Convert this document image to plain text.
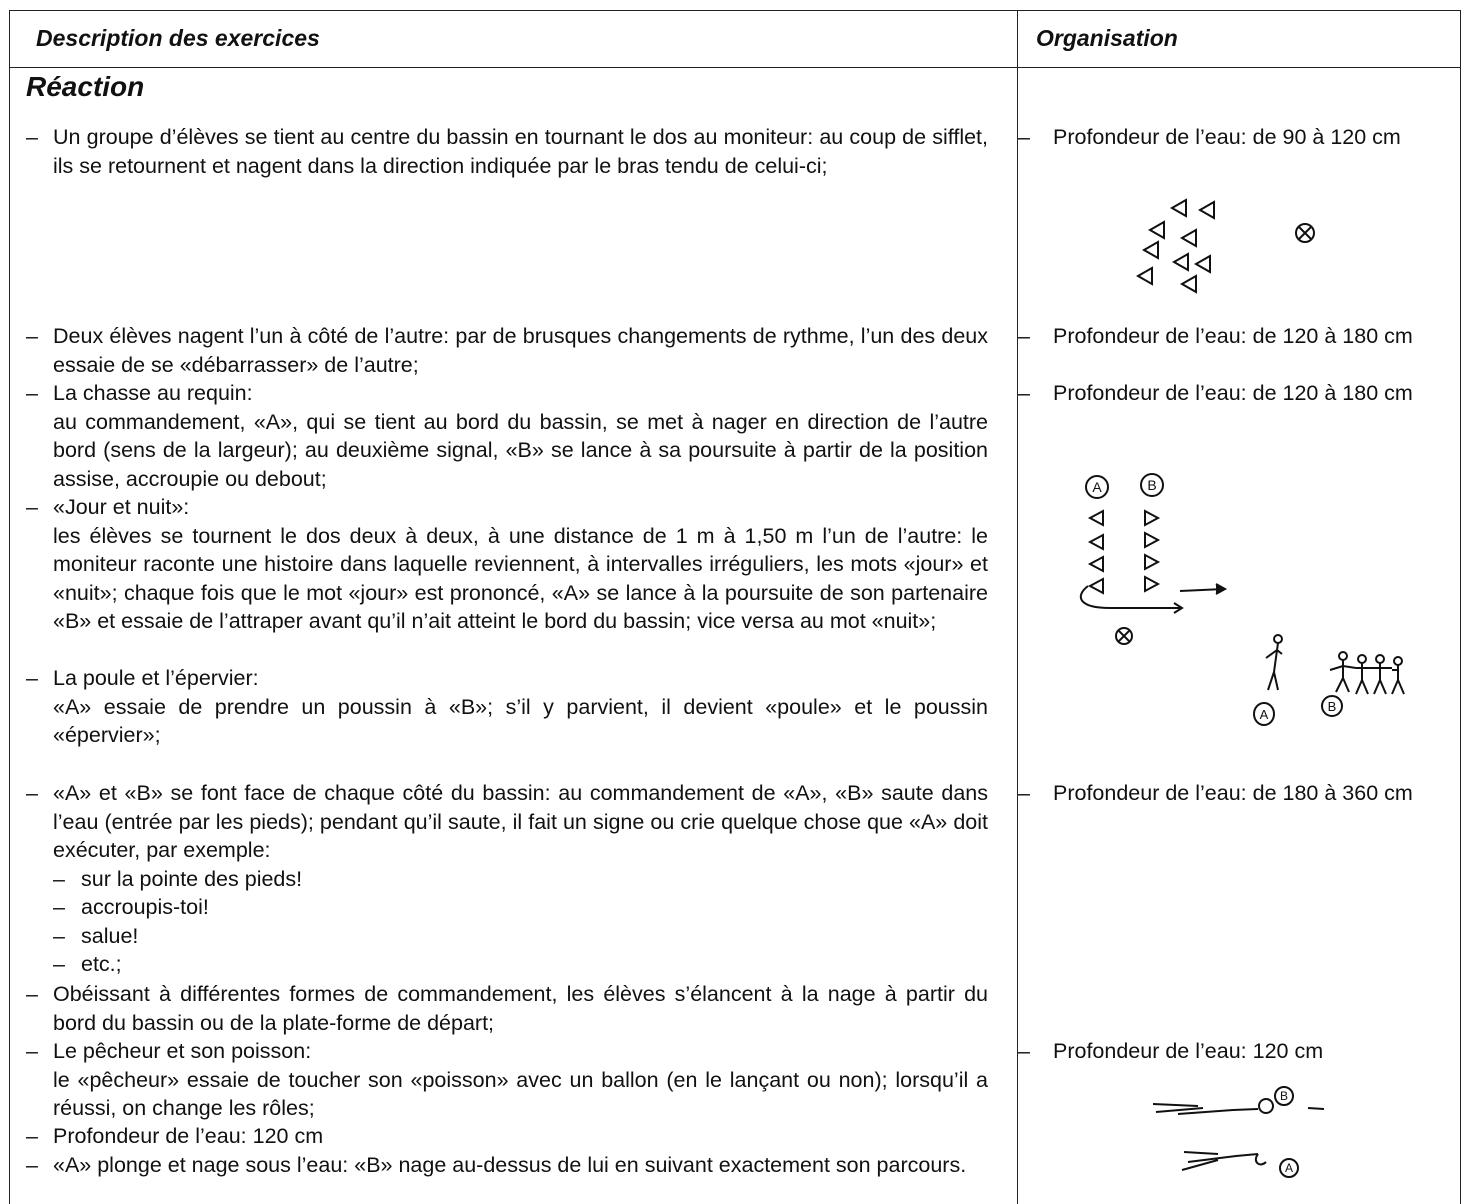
Description des exercices	Organisation
Réaction
– Un groupe d’élèves se tient au centre du bassin en tournant le dos au moniteur: au coup de sifflet, ils se retournent et nagent dans la direction indiquée par le bras tendu de celui-ci;

– Deux élèves nagent l’un à côté de l’autre: par de brusques changements de rythme, l’un des deux essaie de se «débarrasser» de l’autre;

– La chasse au requin:

au commandement, «A», qui se tient au bord du bassin, se met à nager en direction de l’autre bord (sens de la largeur); au deuxième signal, «B» se lance à sa poursuite à partir de la position assise, accroupie ou debout;

– «Jour et nuit»:

les élèves se tournent le dos deux à deux, à une distance de 1 m à 1,50 m l’un de l’autre: le moniteur raconte une histoire dans laquelle reviennent, à intervalles irréguliers, les mots «jour» et «nuit»; chaque fois que le mot «jour» est prononcé, «A» se lance à la poursuite de son partenaire «B» et essaie de l’attraper avant qu’il n’ait atteint le bord du bassin; vice versa au mot «nuit»;

– La poule et l’épervier:

«A» essaie de prendre un poussin à «B»; s’il y parvient, il devient «poule» et le poussin «épervier»;

– «A» et «B» se font face de chaque côté du bassin: au commandement de «A», «B» saute dans l’eau (entrée par les pieds); pendant qu’il saute, il fait un signe ou crie quelque chose que «A» doit exécuter, par exemple:

– sur la pointe des pieds!
– accroupis-toi!
– salue!
– etc.;
– Obéissant à différentes formes de commandement, les élèves s’élancent à la nage à partir du bord du bassin ou de la plate-forme de départ;

– Le pêcheur et son poisson:

le «pêcheur» essaie de toucher son «poisson» avec un ballon (en le lançant ou non); lorsqu’il a réussi, on change les rôles;

– Profondeur de l’eau: 120 cm

– «A» plonge et nage sous l’eau: «B» nage au-dessus de lui en suivant exactement son parcours.

– Profondeur de l’eau: de 90 à 120 cm
– Profondeur de l’eau: de 120 à 180 cm
– Profondeur de l’eau: de 120 à 180 cm
– Profondeur de l’eau: de 180 à 360 cm
– Profondeur de l’eau: 120 cm
A	B
A
B
B
A
